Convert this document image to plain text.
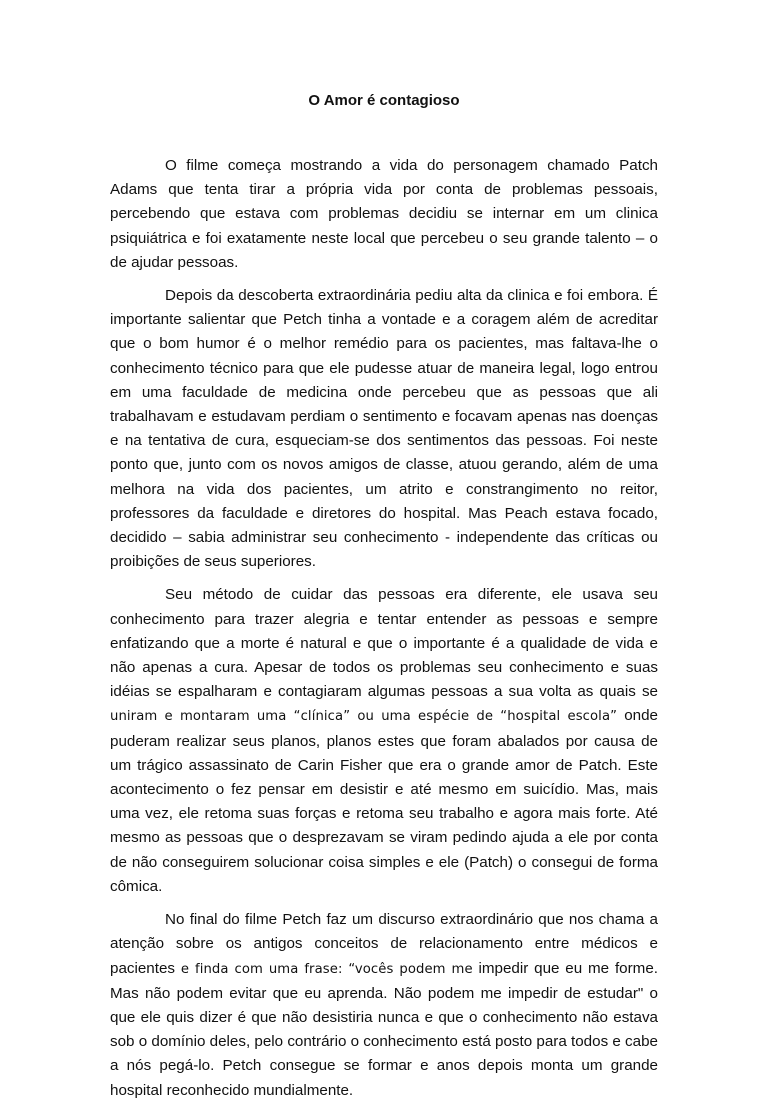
O Amor é contagioso

O filme começa mostrando a vida do personagem chamado Patch Adams que tenta tirar a própria vida por conta de problemas pessoais, percebendo que estava com problemas decidiu se internar em um clinica psiquiátrica e foi exatamente neste local que percebeu o seu grande talento – o de ajudar pessoas.

Depois da descoberta extraordinária pediu alta da clinica e foi embora. É importante salientar que Petch tinha a vontade e a coragem além de acreditar que o bom humor é o melhor remédio para os pacientes, mas faltava-lhe o conhecimento técnico para que ele pudesse atuar de maneira legal, logo entrou em uma faculdade de medicina onde percebeu que as pessoas que ali trabalhavam e estudavam perdiam o sentimento e focavam apenas nas doenças e na tentativa de cura, esqueciam-se dos sentimentos das pessoas. Foi neste ponto que, junto com os novos amigos de classe, atuou gerando, além de uma melhora na vida dos pacientes, um atrito e constrangimento no reitor, professores da faculdade e diretores do hospital. Mas Peach estava focado, decidido – sabia administrar seu conhecimento - independente das críticas ou proibições de seus superiores.

Seu método de cuidar das pessoas era diferente, ele usava seu conhecimento para trazer alegria e tentar entender as pessoas e sempre enfatizando que a morte é natural e que o importante é a qualidade de vida e não apenas a cura. Apesar de todos os problemas seu conhecimento e suas idéias se espalharam e contagiaram algumas pessoas a sua volta as quais se uniram e montaram uma “clínica” ou uma espécie de “hospital escola” onde puderam realizar seus planos, planos estes que foram abalados por causa de um trágico assassinato de Carin Fisher que era o grande amor de Patch. Este acontecimento o fez pensar em desistir e até mesmo em suicídio. Mas, mais uma vez, ele retoma suas forças e retoma seu trabalho e agora mais forte. Até mesmo as pessoas que o desprezavam se viram pedindo ajuda a ele por conta de não conseguirem solucionar coisa simples e ele (Patch) o consegui de forma cômica.

No final do filme Petch faz um discurso extraordinário que nos chama a atenção sobre os antigos conceitos de relacionamento entre médicos e pacientes e finda com uma frase: “vocês podem me impedir que eu me forme. Mas não podem evitar que eu aprenda. Não podem me impedir de estudar" o que ele quis dizer é que não desistiria nunca e que o conhecimento não estava sob o domínio deles, pelo contrário o conhecimento está posto para todos e cabe a nós pegá-lo. Petch consegue se formar e anos depois monta um grande hospital reconhecido mundialmente.
